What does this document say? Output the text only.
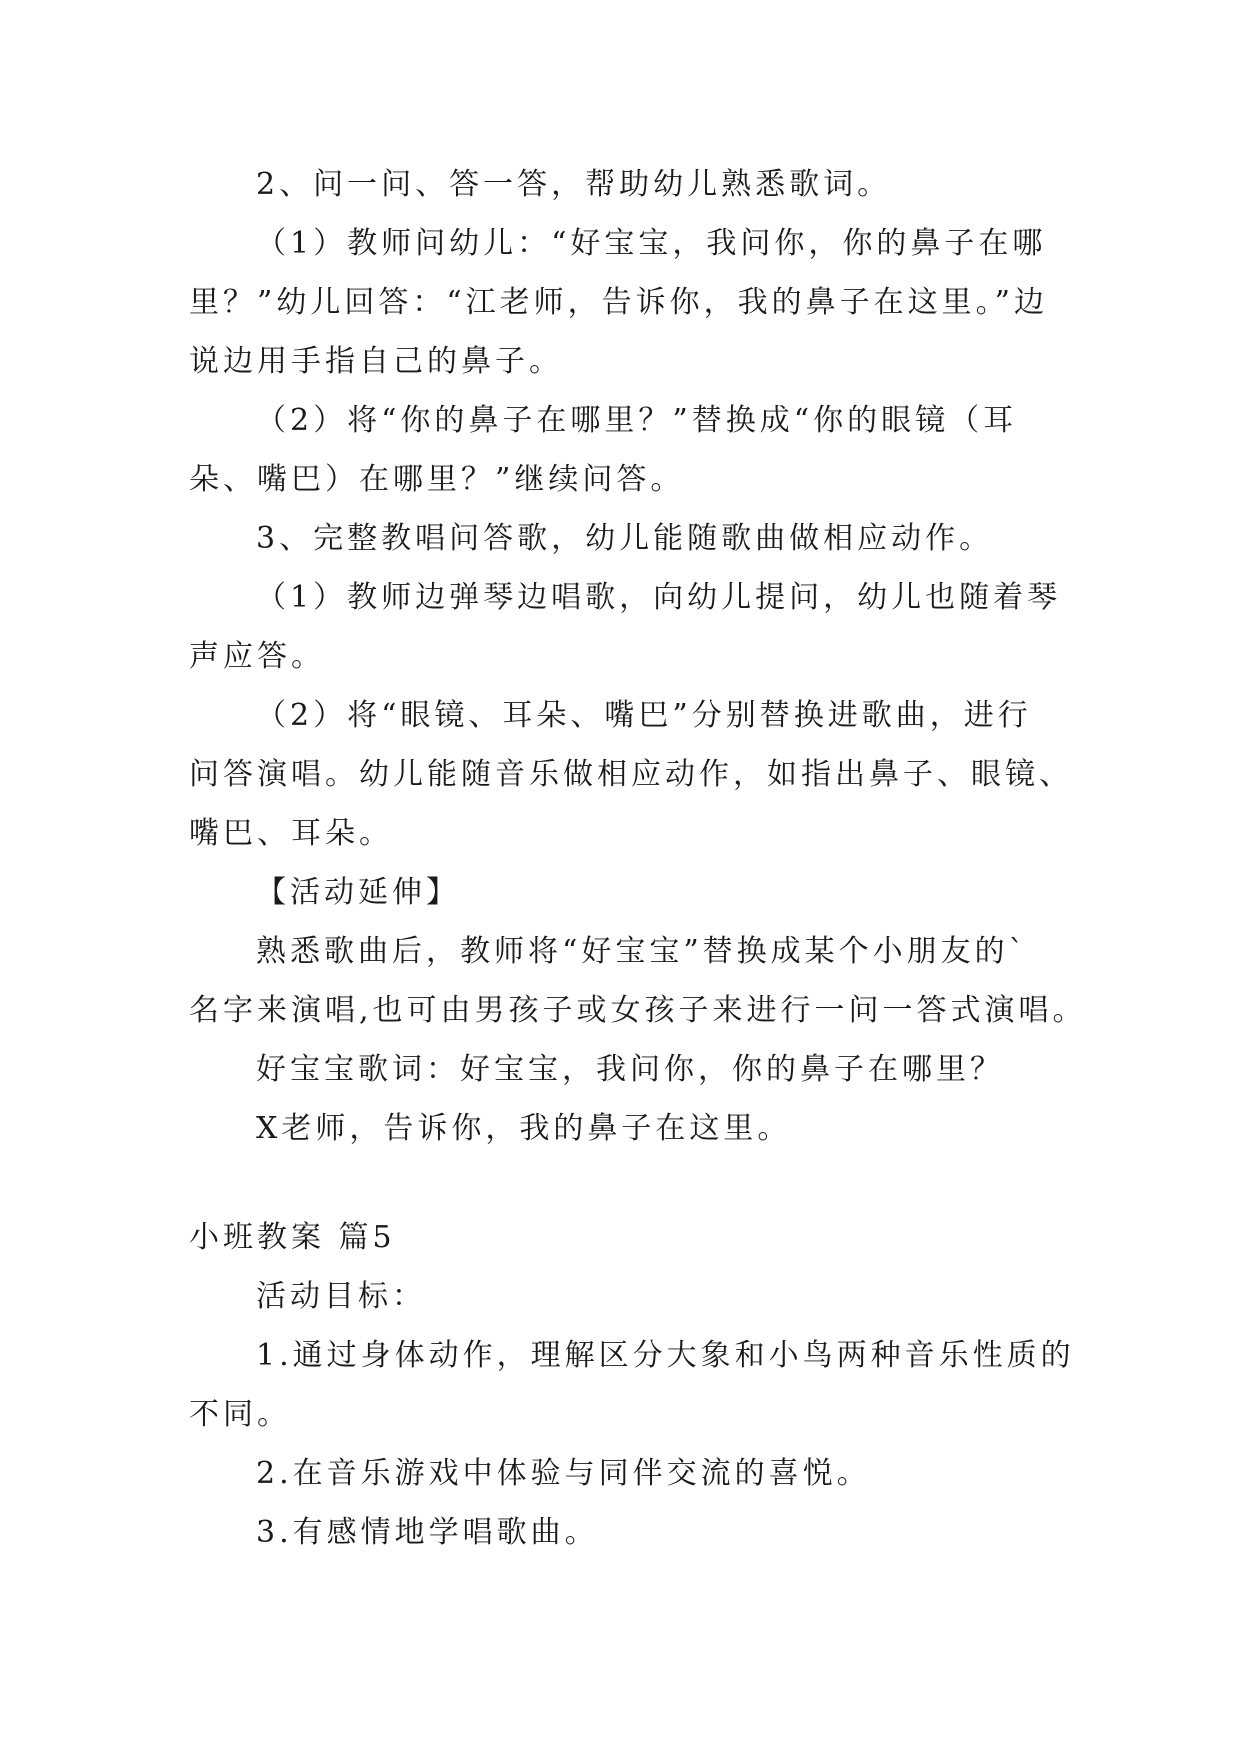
2、问一问、答一答，帮助幼儿熟悉歌词。
（1）教师问幼儿：“好宝宝，我问你，你的鼻子在哪
里？”幼儿回答：“江老师，告诉你，我的鼻子在这里。”边
说边用手指自己的鼻子。
（2）将“你的鼻子在哪里？”替换成“你的眼镜（耳
朵、嘴巴）在哪里？”继续问答。
3、完整教唱问答歌，幼儿能随歌曲做相应动作。
（1）教师边弹琴边唱歌，向幼儿提问，幼儿也随着琴
声应答。
（2）将“眼镜、耳朵、嘴巴”分别替换进歌曲，进行
问答演唱。幼儿能随音乐做相应动作，如指出鼻子、眼镜、
嘴巴、耳朵。
【活动延伸】
熟悉歌曲后，教师将“好宝宝”替换成某个小朋友的`
名字来演唱,也可由男孩子或女孩子来进行一问一答式演唱。
好宝宝歌词：好宝宝，我问你，你的鼻子在哪里？
X老师，告诉你，我的鼻子在这里。
小班教案 篇5
活动目标：
1.通过身体动作，理解区分大象和小鸟两种音乐性质的
不同。
2.在音乐游戏中体验与同伴交流的喜悦。
3.有感情地学唱歌曲。
